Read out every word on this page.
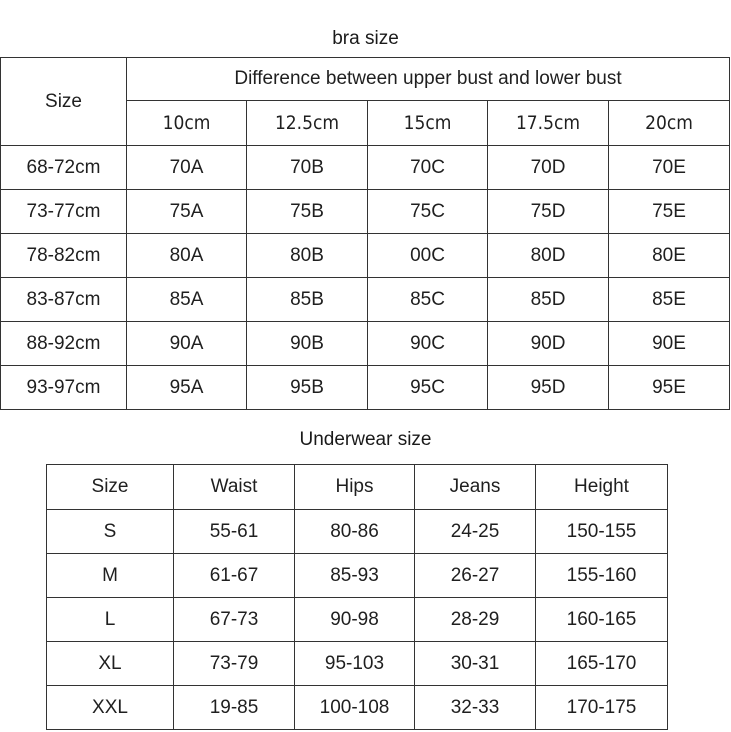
bra size
Size	Difference between upper bust and lower bust				
	10cm	12.5cm	15cm	17.5cm	20cm
68-72cm	70A	70B	70C	70D	70E
73-77cm	75A	75B	75C	75D	75E
78-82cm	80A	80B	00C	80D	80E
83-87cm	85A	85B	85C	85D	85E
88-92cm	90A	90B	90C	90D	90E
93-97cm	95A	95B	95C	95D	95E
Underwear size
Size	Waist	Hips	Jeans	Height
S	55-61	80-86	24-25	150-155
M	61-67	85-93	26-27	155-160
L	67-73	90-98	28-29	160-165
XL	73-79	95-103	30-31	165-170
XXL	19-85	100-108	32-33	170-175
